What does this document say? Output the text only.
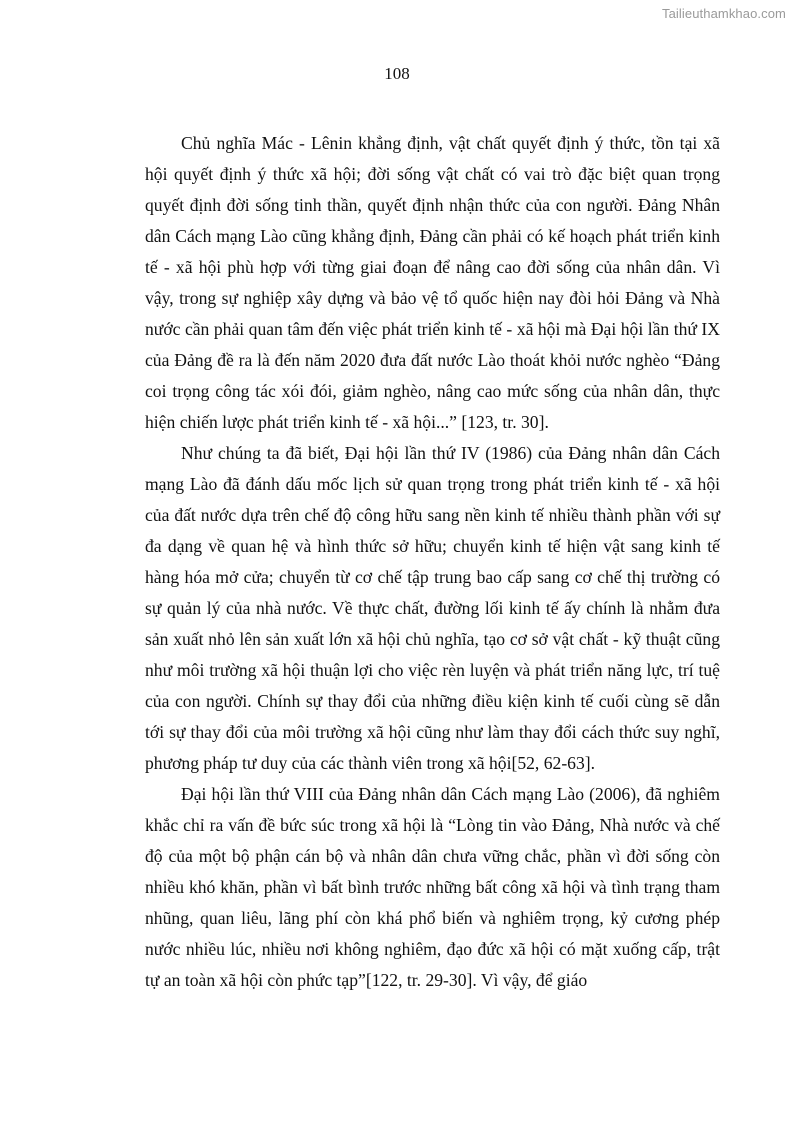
Tailieuthamkhao.com
108

Chủ nghĩa Mác - Lênin khẳng định, vật chất quyết định ý thức, tồn tại xã hội quyết định ý thức xã hội; đời sống vật chất có vai trò đặc biệt quan trọng quyết định đời sống tinh thần, quyết định nhận thức của con người. Đảng Nhân dân Cách mạng Lào cũng khẳng định, Đảng cần phải có kế hoạch phát triển kinh tế - xã hội phù hợp với từng giai đoạn để nâng cao đời sống của nhân dân. Vì vậy, trong sự nghiệp xây dựng và bảo vệ tổ quốc hiện nay đòi hỏi Đảng và Nhà nước cần phải quan tâm đến việc phát triển kinh tế - xã hội mà Đại hội lần thứ IX của Đảng đề ra là đến năm 2020 đưa đất nước Lào thoát khỏi nước nghèo “Đảng coi trọng công tác xói đói, giảm nghèo, nâng cao mức sống của nhân dân, thực hiện chiến lược phát triển kinh tế - xã hội...” [123, tr. 30].

Như chúng ta đã biết, Đại hội lần thứ IV (1986) của Đảng nhân dân Cách mạng Lào đã đánh dấu mốc lịch sử quan trọng trong phát triển kinh tế - xã hội của đất nước dựa trên chế độ công hữu sang nền kinh tế nhiều thành phần với sự đa dạng về quan hệ và hình thức sở hữu; chuyển kinh tế hiện vật sang kinh tế hàng hóa mở cửa; chuyển từ cơ chế tập trung bao cấp sang cơ chế thị trường có sự quản lý của nhà nước. Về thực chất, đường lối kinh tế ấy chính là nhằm đưa sản xuất nhỏ lên sản xuất lớn xã hội chủ nghĩa, tạo cơ sở vật chất - kỹ thuật cũng như môi trường xã hội thuận lợi cho việc rèn luyện và phát triển năng lực, trí tuệ của con người. Chính sự thay đổi của những điều kiện kinh tế cuối cùng sẽ dẫn tới sự thay đổi của môi trường xã hội cũng như làm thay đổi cách thức suy nghĩ, phương pháp tư duy của các thành viên trong xã hội[52, 62-63].

Đại hội lần thứ VIII của Đảng nhân dân Cách mạng Lào (2006), đã nghiêm khắc chỉ ra vấn đề bức súc trong xã hội là “Lòng tin vào Đảng, Nhà nước và chế độ của một bộ phận cán bộ và nhân dân chưa vững chắc, phần vì đời sống còn nhiều khó khăn, phần vì bất bình trước những bất công xã hội và tình trạng tham nhũng, quan liêu, lãng phí còn khá phổ biến và nghiêm trọng, kỷ cương phép nước nhiều lúc, nhiều nơi không nghiêm, đạo đức xã hội có mặt xuống cấp, trật tự an toàn xã hội còn phức tạp”[122, tr. 29-30]. Vì vậy, để giáo
